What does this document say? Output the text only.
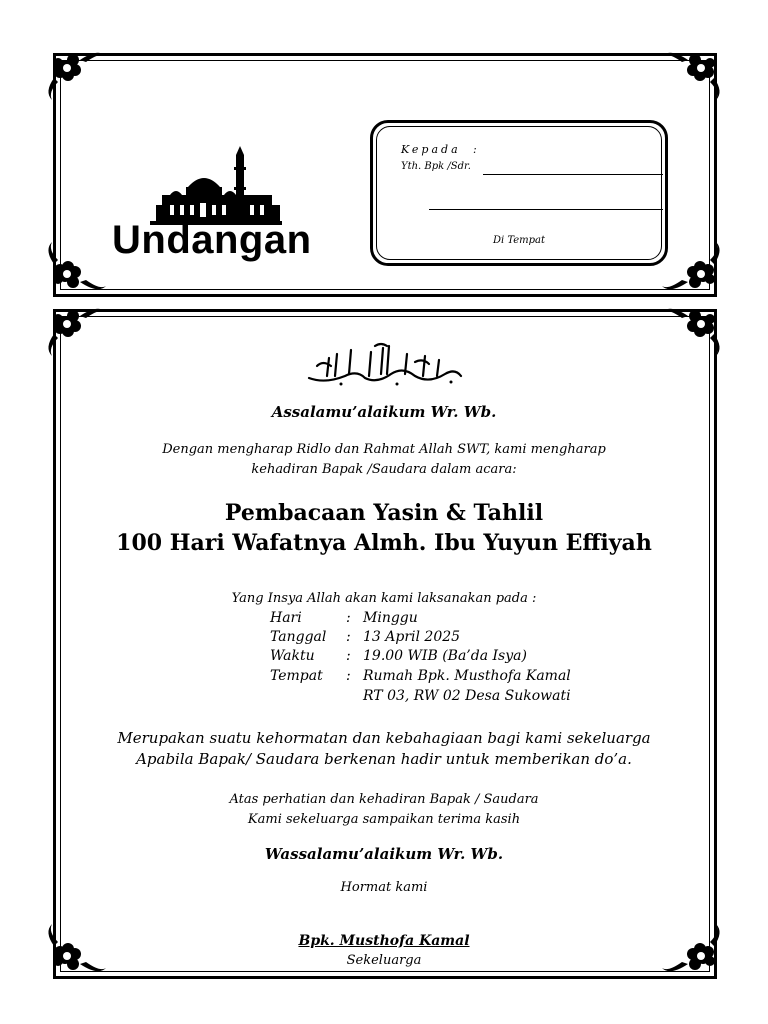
Undangan
Kepada :
Yth. Bpk /Sdr.
Di Tempat
Assalamu’alaikum Wr. Wb.
Dengan mengharap Ridlo dan Rahmat Allah SWT, kami mengharap
kehadiran Bapak /Saudara dalam acara:
Pembacaan Yasin & Tahlil
100 Hari Wafatnya Almh. Ibu Yuyun Effiyah
Yang Insya Allah akan kami laksanakan pada :
Hari	: Minggu
Tanggal : 13 April 2025
Waktu : 19.00 WIB (Ba’da Isya)
Tempat : Rumah Bpk. Musthofa Kamal
RT 03, RW 02 Desa Sukowati
Merupakan suatu kehormatan dan kebahagiaan bagi kami sekeluarga
Apabila Bapak/ Saudara berkenan hadir untuk memberikan do’a.
Atas perhatian dan kehadiran Bapak / Saudara
Kami sekeluarga sampaikan terima kasih
Wassalamu’alaikum Wr. Wb.
Hormat kami
Bpk. Musthofa Kamal
Sekeluarga
